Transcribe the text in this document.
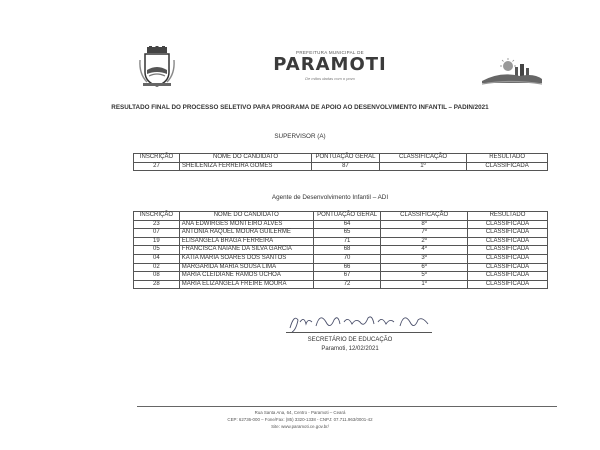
PREFEITURA MUNICIPAL DE
PARAMOTI
De mãos dadas com o povo
RESULTADO FINAL DO PROCESSO SELETIVO PARA PROGRAMA DE APOIO AO DESENVOLVIMENTO INFANTIL – PADIN/2021
SUPERVISOR (A)
INSCRIÇÃO	NOME DO CANDIDATO	PONTUAÇÃO GERAL	CLASSIFICAÇÃO	RESULTADO
27	SHEILENIZA FERREIRA GOMES	87	1º	CLASSIFICADA
Agente de Desenvolvimento Infantil – ADI
INSCRIÇÃO	NOME DO CANDIDATO	PONTUAÇÃO GERAL	CLASSIFICAÇÃO	RESULTADO
23	ANA EDWIRGES MONTEIRO ALVES	64	8º	CLASSIFICADA
07	ANTONIA RAQUEL MOURA GUILERME	65	7º	CLASSIFICADA
19	ELISANGELA BRAGA FERREIRA	71	2º	CLASSIFICADA
05	FRANCISCA NAIANE DA SILVA GARCIA	68	4º	CLASSIFICADA
04	KATIA MARIA SOARES DOS SANTOS	70	3º	CLASSIFICADA
02	MARGARIDA MARIA SOUSA LIMA	66	6º	CLASSIFICADA
08	MARIA CLEIDIANE RAMOS UCHOA	67	5º	CLASSIFICADA
28	MARIA ELIZANGELA FREIRE MOURA	72	1º	CLASSIFICADA
SECRETÁRIO DE EDUCAÇÃO
Paramoti, 12/02/2021
Rua Santa Ana, 64, Centro - Paramoti – Ceará
CEP: 62736-000 – Fone/Fax: (85) 3320-1338 - CNPJ: 07.711.963/0001-42
Site: www.paramoti.ce.gov.br/
